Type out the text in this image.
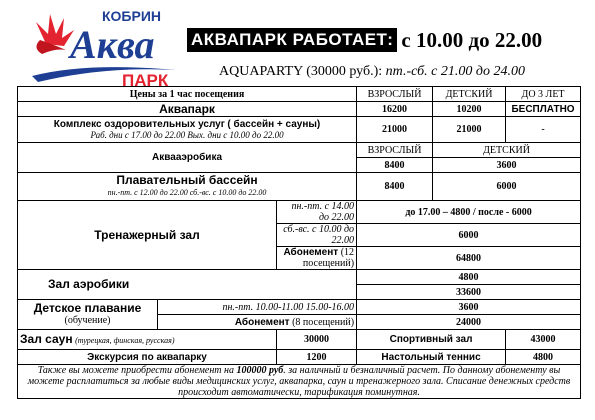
КОБРИН
Аква
ПАРК
АКВАПАРК РАБОТАЕТ: с 10.00 до 22.00
AQUAPARTY (30000 руб.): пт.-сб. с 21.00 до 24.00
Цены за 1 час посещения			ВЗРОСЛЫЙ	ДЕТСКИЙ	ДО 3 ЛЕТ
Аквапарк			16200	10200	БЕСПЛАТНО
Комплекс оздоровительных услуг ( бассейн + сауны)
Раб. дни с 17.00 до 22.00 Вых. дни с 10.00 до 22.00			21000	21000	-
Аквааэробика			ВЗРОСЛЫЙ	ДЕТСКИЙ	
			8400	3600	
Плавательный бассейн
пн.-пт. с 12.00 до 22.00 сб.-вс. с 10.00 до 22.00			8400	6000	
Тренажерный зал		пн.-пт. с 14.00 до 22.00	до 17.00 – 4800 / после - 6000		
		сб.-вс. с 10.00 до 22.00	6000		
		Абонемент (12 посещений)	64800		
Зал аэробики			4800		
			33600		
Детское плавание
(обучение)	пн.-пт. 10.00-11.00 15.00-16.00		3600		
	Абонемент (8 посещений)		24000		
Зал саун (турецкая, финская, русская)		30000	Спортивный зал		43000
Экскурсия по аквапарку		1200	Настольный теннис		4800
Также вы можете приобрести абонемент на 100000 руб. за наличный и безналичный расчет. По данному абонементу вы можете расплатиться за любые виды медицинских услуг, аквапарка, саун и тренажерного зала. Списание денежных средств происходит автоматически, тарификация поминутная.					
